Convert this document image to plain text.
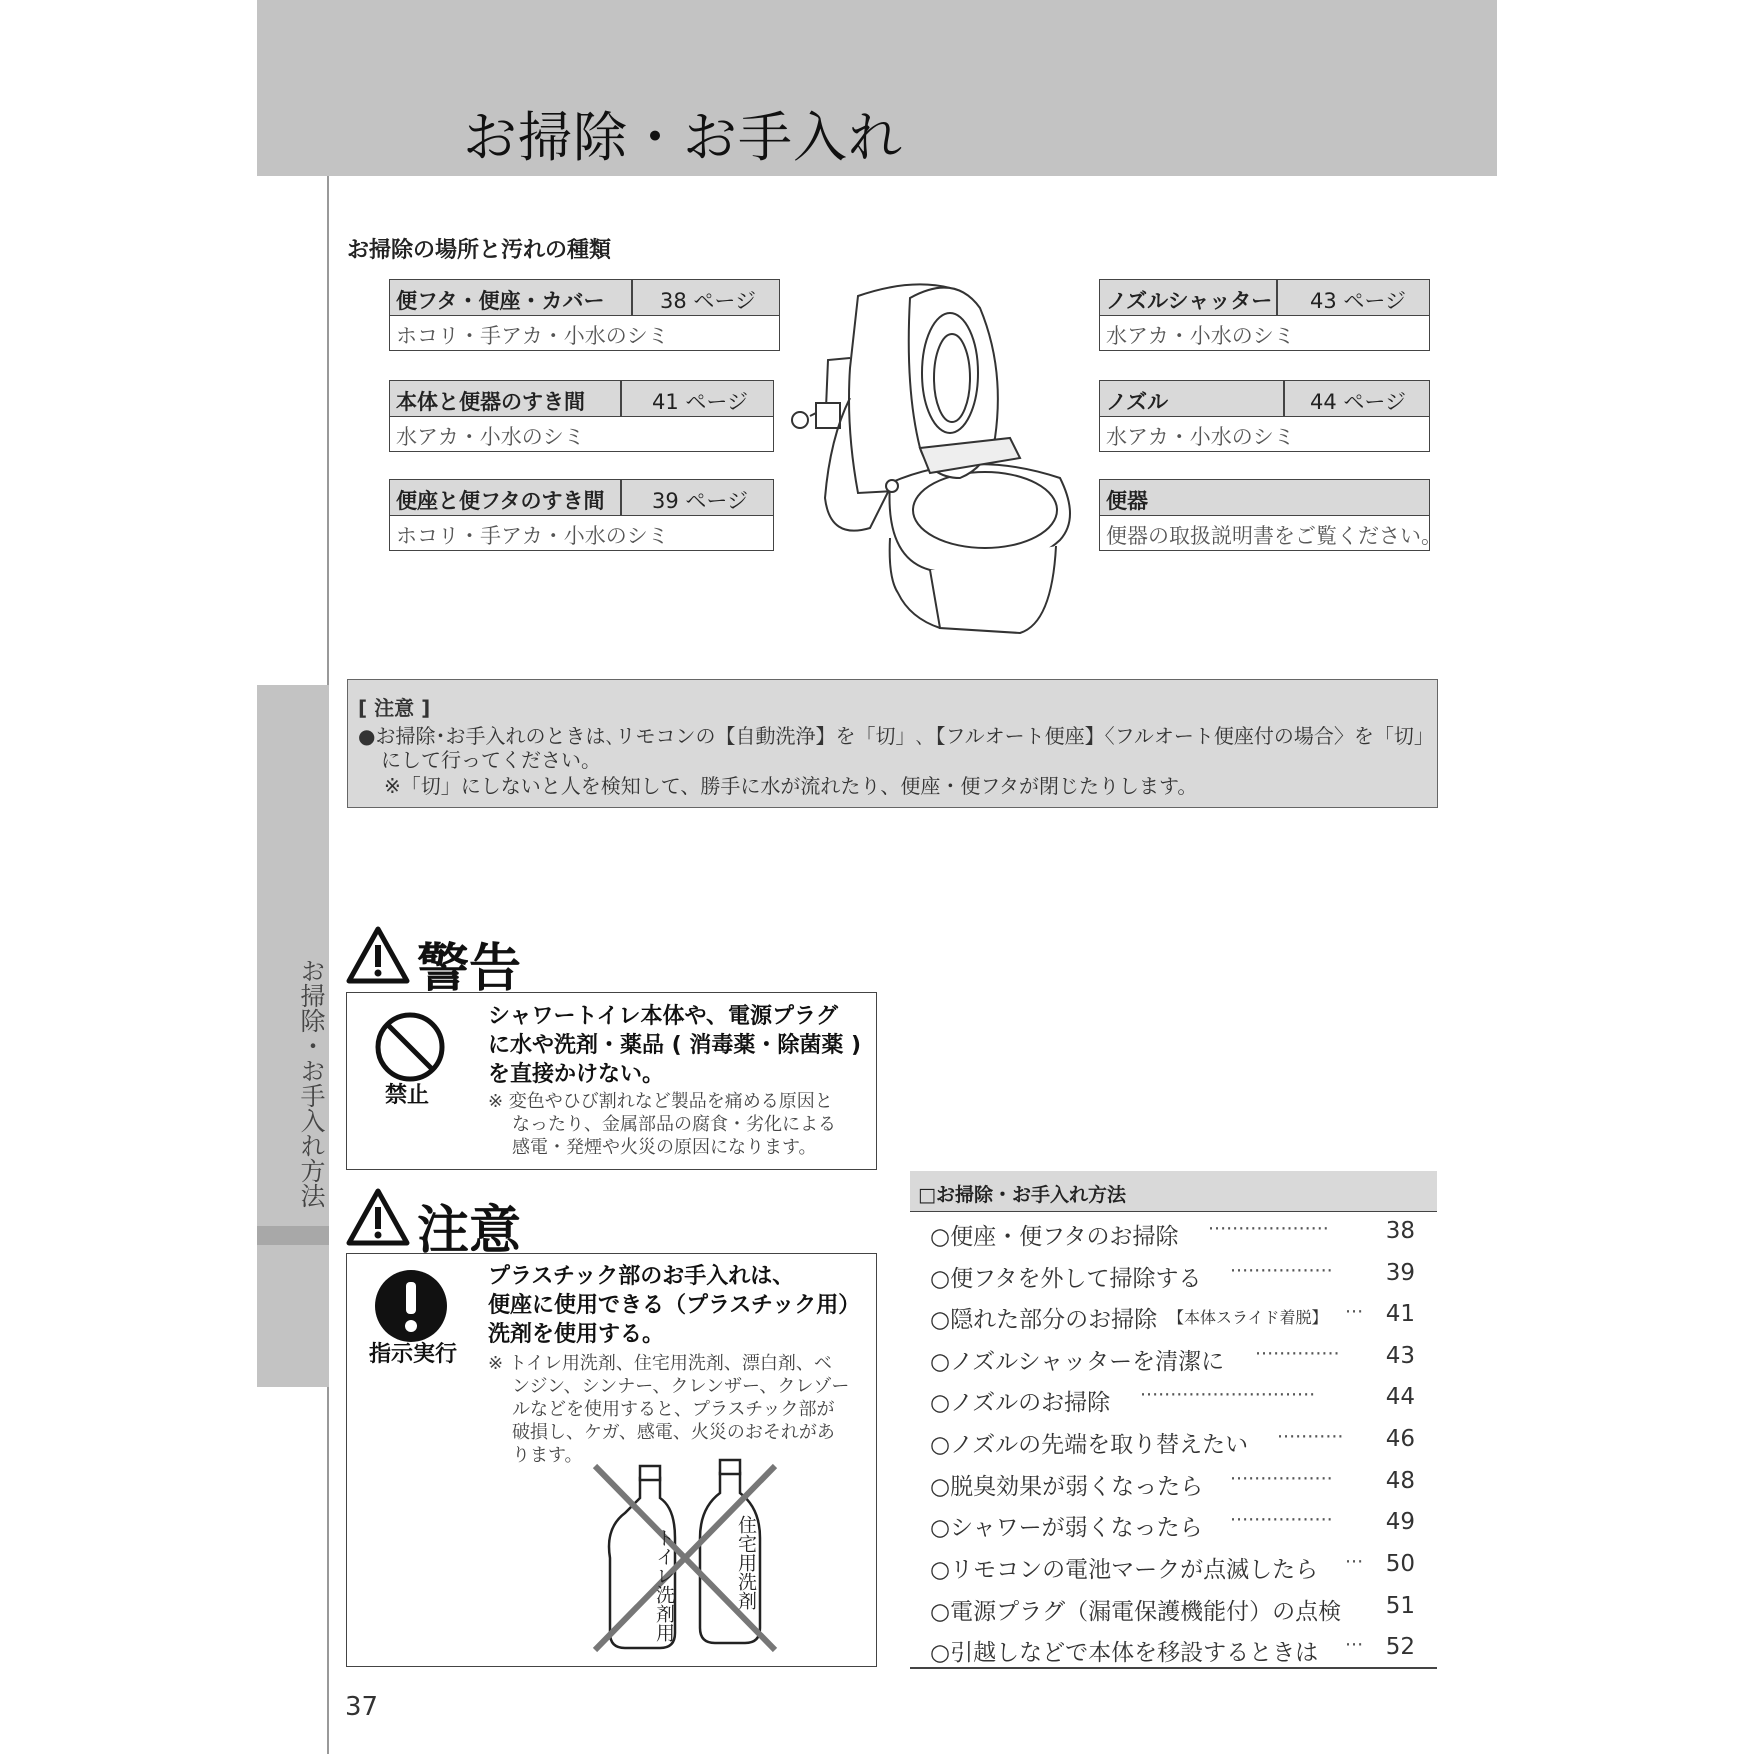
お掃除・お手入れ
お掃除・お手入れ方法
お掃除の場所と汚れの種類
便フタ・便座・カバー	38 ページ
ホコリ・手アカ・小水のシミ
本体と便器のすき間	41 ページ
水アカ・小水のシミ
便座と便フタのすき間 39 ページ
ホコリ・手アカ・小水のシミ
ノズルシャッター 43 ページ
水アカ・小水のシミ
ノズル	44 ページ
水アカ・小水のシミ
便器
便器の取扱説明書をご覧ください。
[ 注意 ]
●お掃除･お手入れのときは､リモコンの【自動洗浄】を「切」､【フルオート便座】〈フルオート便座付の場合〉を「切」
にして行ってください。
※「切」にしないと人を検知して、勝手に水が流れたり、便座・便フタが閉じたりします。
警告
禁止
シャワートイレ本体や、電源プラグ
に水や洗剤・薬品 ( 消毒薬・除菌薬 )
を直接かけない。
※ 変色やひび割れなど製品を痛める原因と
なったり、金属部品の腐食・劣化による
感電・発煙や火災の原因になります。
注意
指示実行
プラスチック部のお手入れは、
便座に使用できる（プラスチック用）
洗剤を使用する。
※ トイレ用洗剤、住宅用洗剤、漂白剤、ベ
ンジン、シンナー、クレンザー、クレゾー
ルなどを使用すると、プラスチック部が
破損し、ケガ、感電、火災のおそれがあ
ります。
トイレ洗剤用	住宅用洗剤
□お掃除・お手入れ方法
○便座・便フタのお掃除 ···················· 38
○便フタを外して掃除する ················· 39
○隠れた部分のお掃除 【本体スライド着脱】 ··· 41
○ノズルシャッターを清潔に ·············· 43
○ノズルのお掃除 ·····························	44
○ノズルの先端を取り替えたい ··········· 46
○脱臭効果が弱くなったら ················· 48
○シャワーが弱くなったら ················· 49
○リモコンの電池マークが点滅したら ··· 50
○電源プラグ（漏電保護機能付）の点検 51
○引越しなどで本体を移設するときは ··· 52
37
